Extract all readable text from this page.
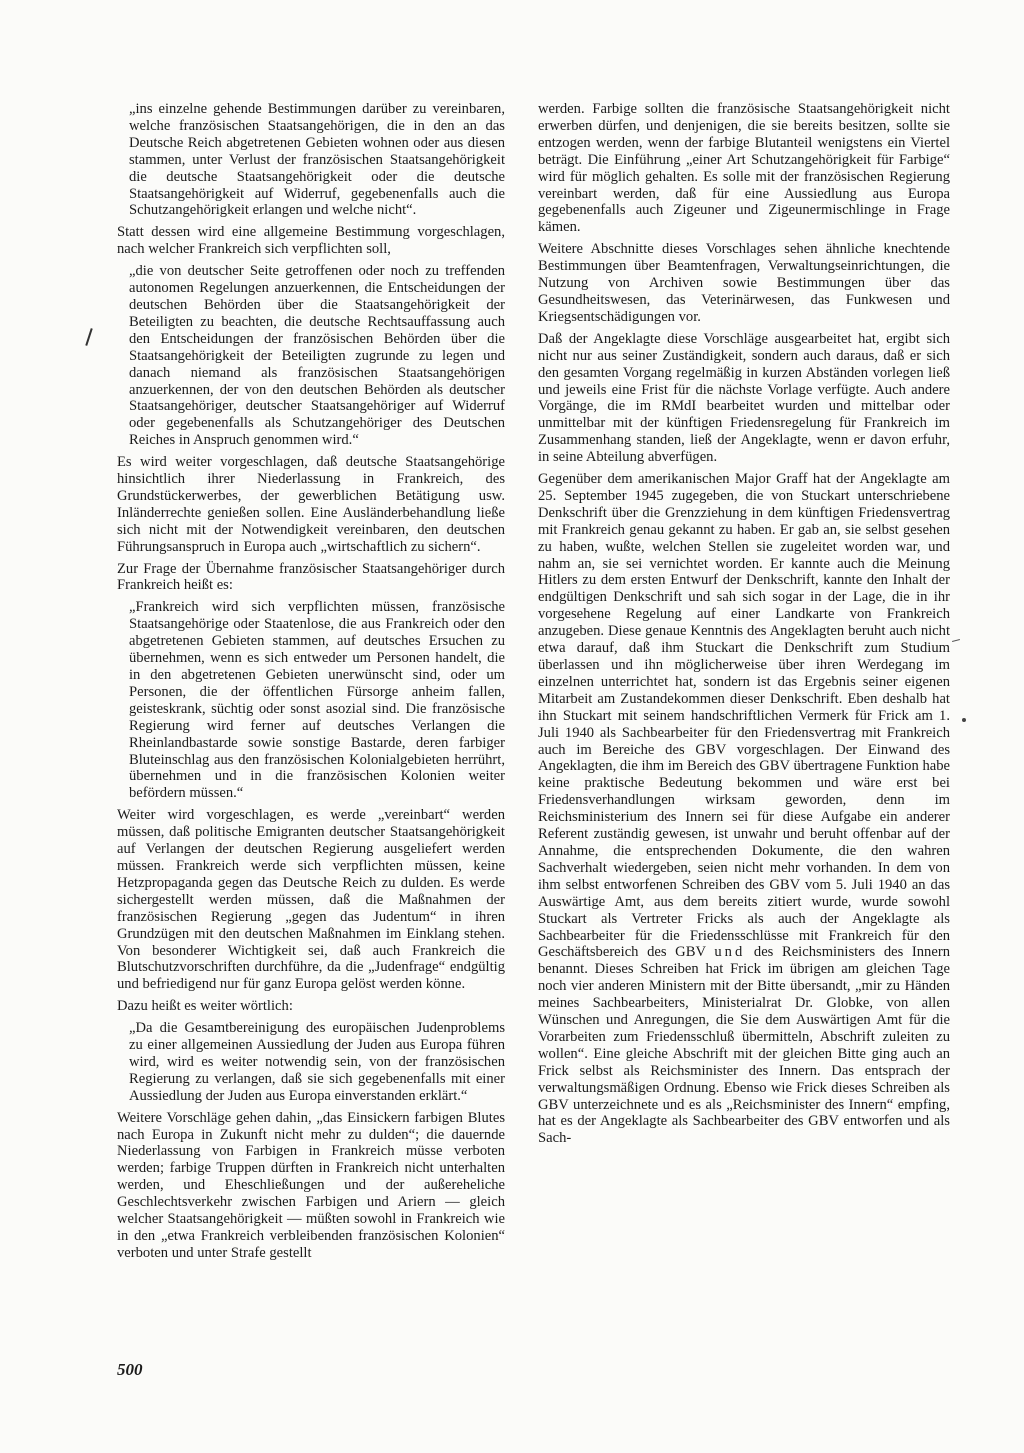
„ins einzelne gehende Bestimmungen darüber zu vereinbaren, welche französischen Staatsangehörigen, die in den an das Deutsche Reich abgetretenen Gebieten wohnen oder aus diesen stammen, unter Verlust der französischen Staatsangehörigkeit die deutsche Staatsangehörigkeit oder die deutsche Staatsangehörigkeit auf Widerruf, gegebenenfalls auch die Schutzangehörigkeit erlangen und welche nicht“.

Statt dessen wird eine allgemeine Bestimmung vorgeschlagen, nach welcher Frankreich sich verpflichten soll,

„die von deutscher Seite getroffenen oder noch zu treffenden autonomen Regelungen anzuerkennen, die Entscheidungen der deutschen Behörden über die Staatsangehörigkeit der Beteiligten zu beachten, die deutsche Rechtsauffassung auch den Entscheidungen der französischen Behörden über die Staatsangehörigkeit der Beteiligten zugrunde zu legen und danach niemand als französischen Staatsangehörigen anzuerkennen, der von den deutschen Behörden als deutscher Staatsangehöriger, deutscher Staatsangehöriger auf Widerruf oder gegebenenfalls als Schutzangehöriger des Deutschen Reiches in Anspruch genommen wird.“

Es wird weiter vorgeschlagen, daß deutsche Staatsangehörige hinsichtlich ihrer Niederlassung in Frankreich, des Grundstückerwerbes, der gewerblichen Betätigung usw. Inländerrechte genießen sollen. Eine Ausländerbehandlung ließe sich nicht mit der Notwendigkeit vereinbaren, den deutschen Führungsanspruch in Europa auch „wirtschaftlich zu sichern“.

Zur Frage der Übernahme französischer Staatsangehöriger durch Frankreich heißt es:

„Frankreich wird sich verpflichten müssen, französische Staatsangehörige oder Staatenlose, die aus Frankreich oder den abgetretenen Gebieten stammen, auf deutsches Ersuchen zu übernehmen, wenn es sich entweder um Personen handelt, die in den abgetretenen Gebieten unerwünscht sind, oder um Personen, die der öffentlichen Fürsorge anheim fallen, geisteskrank, süchtig oder sonst asozial sind. Die französische Regierung wird ferner auf deutsches Verlangen die Rheinlandbastarde sowie sonstige Bastarde, deren farbiger Bluteinschlag aus den französischen Kolonialgebieten herrührt, übernehmen und in die französischen Kolonien weiter befördern müssen.“

Weiter wird vorgeschlagen, es werde „vereinbart“ werden müssen, daß politische Emigranten deutscher Staatsangehörigkeit auf Verlangen der deutschen Regierung ausgeliefert werden müssen. Frankreich werde sich verpflichten müssen, keine Hetzpropaganda gegen das Deutsche Reich zu dulden. Es werde sichergestellt werden müssen, daß die Maßnahmen der französischen Regierung „gegen das Judentum“ in ihren Grundzügen mit den deutschen Maßnahmen im Einklang stehen. Von besonderer Wichtigkeit sei, daß auch Frankreich die Blutschutzvorschriften durchführe, da die „Judenfrage“ endgültig und befriedigend nur für ganz Europa gelöst werden könne.

Dazu heißt es weiter wörtlich:

„Da die Gesamtbereinigung des europäischen Judenproblems zu einer allgemeinen Aussiedlung der Juden aus Europa führen wird, wird es weiter notwendig sein, von der französischen Regierung zu verlangen, daß sie sich gegebenenfalls mit einer Aussiedlung der Juden aus Europa einverstanden erklärt.“

Weitere Vorschläge gehen dahin, „das Einsickern farbigen Blutes nach Europa in Zukunft nicht mehr zu dulden“; die dauernde Niederlassung von Farbigen in Frankreich müsse verboten werden; farbige Truppen dürften in Frankreich nicht unterhalten werden, und Eheschließungen und der außereheliche Geschlechtsverkehr zwischen Farbigen und Ariern — gleich welcher Staatsangehörigkeit — müßten sowohl in Frankreich wie in den „etwa Frankreich verbleibenden französischen Kolonien“ verboten und unter Strafe gestellt

werden. Farbige sollten die französische Staatsangehörigkeit nicht erwerben dürfen, und denjenigen, die sie bereits besitzen, sollte sie entzogen werden, wenn der farbige Blutanteil wenigstens ein Viertel beträgt. Die Einführung „einer Art Schutzangehörigkeit für Farbige“ wird für möglich gehalten. Es solle mit der französischen Regierung vereinbart werden, daß für eine Aussiedlung aus Europa gegebenenfalls auch Zigeuner und Zigeunermischlinge in Frage kämen.

Weitere Abschnitte dieses Vorschlages sehen ähnliche knechtende Bestimmungen über Beamtenfragen, Verwaltungseinrichtungen, die Nutzung von Archiven sowie Bestimmungen über das Gesundheitswesen, das Veterinärwesen, das Funkwesen und Kriegsentschädigungen vor.

Daß der Angeklagte diese Vorschläge ausgearbeitet hat, ergibt sich nicht nur aus seiner Zuständigkeit, sondern auch daraus, daß er sich den gesamten Vorgang regelmäßig in kurzen Abständen vorlegen ließ und jeweils eine Frist für die nächste Vorlage verfügte. Auch andere Vorgänge, die im RMdI bearbeitet wurden und mittelbar oder unmittelbar mit der künftigen Friedensregelung für Frankreich im Zusammenhang standen, ließ der Angeklagte, wenn er davon erfuhr, in seine Abteilung abverfügen.

Gegenüber dem amerikanischen Major Graff hat der Angeklagte am 25. September 1945 zugegeben, die von Stuckart unterschriebene Denkschrift über die Grenzziehung in dem künftigen Friedensvertrag mit Frankreich genau gekannt zu haben. Er gab an, sie selbst gesehen zu haben, wußte, welchen Stellen sie zugeleitet worden war, und nahm an, sie sei vernichtet worden. Er kannte auch die Meinung Hitlers zu dem ersten Entwurf der Denkschrift, kannte den Inhalt der endgültigen Denkschrift und sah sich sogar in der Lage, die in ihr vorgesehene Regelung auf einer Landkarte von Frankreich anzugeben. Diese genaue Kenntnis des Angeklagten beruht auch nicht etwa darauf, daß ihm Stuckart die Denkschrift zum Studium überlassen und ihn möglicherweise über ihren Werdegang im einzelnen unterrichtet hat, sondern ist das Ergebnis seiner eigenen Mitarbeit am Zustandekommen dieser Denkschrift. Eben deshalb hat ihn Stuckart mit seinem handschriftlichen Vermerk für Frick am 1. Juli 1940 als Sachbearbeiter für den Friedensvertrag mit Frankreich auch im Bereiche des GBV vorgeschlagen. Der Einwand des Angeklagten, die ihm im Bereich des GBV übertragene Funktion habe keine praktische Bedeutung bekommen und wäre erst bei Friedensverhandlungen wirksam geworden, denn im Reichsministerium des Innern sei für diese Aufgabe ein anderer Referent zuständig gewesen, ist unwahr und beruht offenbar auf der Annahme, die entsprechenden Dokumente, die den wahren Sachverhalt wiedergeben, seien nicht mehr vorhanden. In dem von ihm selbst entworfenen Schreiben des GBV vom 5. Juli 1940 an das Auswärtige Amt, aus dem bereits zitiert wurde, wurde sowohl Stuckart als Vertreter Fricks als auch der Angeklagte als Sachbearbeiter für die Friedensschlüsse mit Frankreich für den Geschäftsbereich des GBV und des Reichsministers des Innern benannt. Dieses Schreiben hat Frick im übrigen am gleichen Tage noch vier anderen Ministern mit der Bitte übersandt, „mir zu Händen meines Sachbearbeiters, Ministerialrat Dr. Globke, von allen Wünschen und Anregungen, die Sie dem Auswärtigen Amt für die Vorarbeiten zum Friedensschluß übermitteln, Abschrift zuleiten zu wollen“. Eine gleiche Abschrift mit der gleichen Bitte ging auch an Frick selbst als Reichsminister des Innern. Das entsprach der verwaltungsmäßigen Ordnung. Ebenso wie Frick dieses Schreiben als GBV unterzeichnete und es als „Reichsminister des Innern“ empfing, hat es der Angeklagte als Sachbearbeiter des GBV entworfen und als Sach-

500
